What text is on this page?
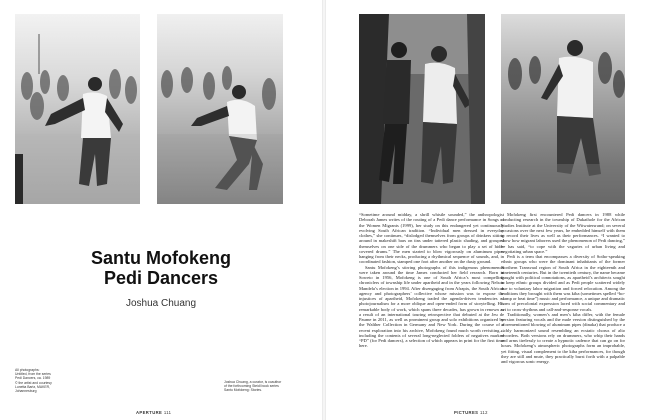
Santu Mofokeng
Pedi Dancers
Joshua Chuang
All photographs:
Untitled, from the series
Pedi Dancers, ca. 1989
© the artist and courtesy
Lunetta Bartz, MAKER,
Johannesburg
Joshua Chuang, a curator, is coauthor
of the forthcoming Steidl book series
Santu Mofokeng: Stories.
APERTURE 111

“Sometime around midday, a shrill whistle sounded,” the anthropologist Deborah James writes of the routing of a Pedi dance performance in Songs of the Women Migrants (1999), her study on this endangered yet continuously evolving South African tradition. “Individual men dressed in everyday clothes,” she continues, “dislodged themselves from groups of drinkers sitting around in makeshift bars on tins under tattered plastic shading, and grouped themselves on one side of the drummers who began to play a set of hide-covered drums.” The men started to blow vigorously on aluminum pipes hanging from their necks, producing a rhythmical sequence of sounds, and, in coordinated fashion, stamped one foot after another on the dusty ground.

Santu Mofokeng’s stirring photographs of this indigenous phenomenon were taken around the time James conducted her field research. Born in Soweto in 1956, Mofokeng is one of South Africa’s most compelling chroniclers of township life under apartheid and in the years following Nelson Mandela’s election in 1994. After disengaging from Afrapix, the South African agency and photographers’ collective whose mission was to expose the injustices of apartheid, Mofokeng traded the agenda-driven tendencies of photojournalism for a more oblique and open-ended form of storytelling. His remarkable body of work, which spans three decades, has grown in renown as a result of an international touring retrospective that debuted at the Jeu de Paume in 2011, as well as prominent group and solo exhibitions organized by the Walther Collection in Germany and New York. During the course of a recent exploration into his archive, Mofokeng found much worth revisiting—including the contents of several long-neglected folders of negatives marked “PD” (for Pedi dancers), a selection of which appears in print for the first time here.

Mofokeng first encountered Pedi dancers in 1988 while conducting research in the township of Dukathole for the African Studies Institute at the University of the Witwatersrand; on several occasions over the next few years, he embedded himself with them to record their lives as well as their performances. “I wanted to show how migrant laborers used the phenomenon of Pedi dancing,” he has said, “to cope with the vagaries of urban living and negotiating urban space.”

Pedi is a term that encompasses a diversity of Sotho-speaking ethnic groups who were the dominant inhabitants of the former Northern Transvaal region of South Africa in the eighteenth and nineteenth centuries. But in the twentieth century, the name became fraught with political connotations, as apartheid’s architects sought to keep ethnic groups divided and as Pedi people scattered widely due to voluntary labor migration and forced relocation. Among the traditions they brought with them was kiba (sometimes spelled “bo-stamp or beat time”) music and performance, a unique and dramatic form of precolonial expression laced with social commentary and set to cross-rhythms and call-and-response vocals.

Traditionally, women’s and men’s kiba differ, with the female version featuring vocals and the male version distinguished by the aforementioned blowing of aluminum pipes (dinaka) that produce a richly harmonized sound resembling an ecstatic chorus of alto recorders. Both versions rely on drummers, who whip their hands and arms tirelessly to create a hypnotic cadence that can go on for hours. Mofokeng’s atmospheric photographs form an improbable, yet fitting, visual complement to the kiba performances, for though they are still and mute, they practically burst forth with a palpable and vigorous sonic energy.

PICTURES 112
